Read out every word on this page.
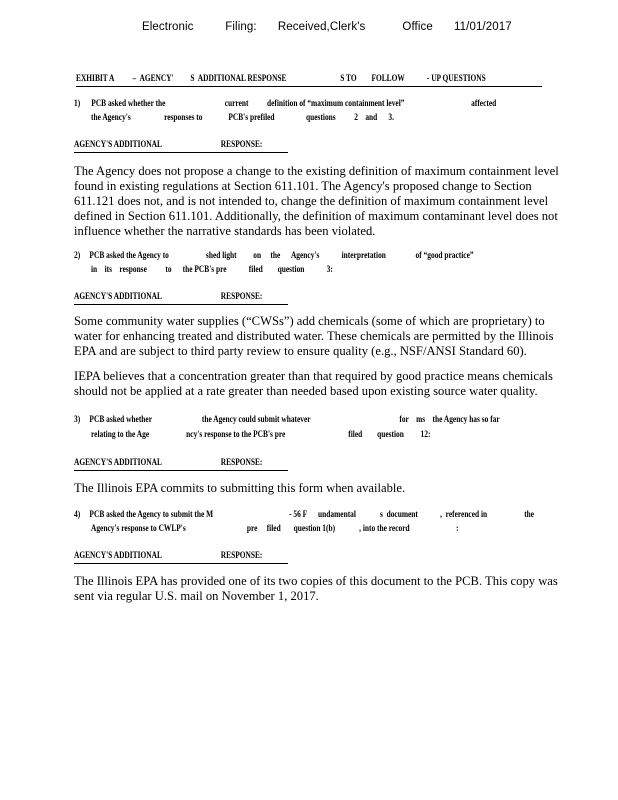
Electronic      Filing:    Received,Clerk's       Office    11/01/2017
EXHIBIT A          –  AGENCY'         S  ADDITIONAL RESPONSE                             S TO        FOLLOW            - UP QUESTIONS
1)      PCB asked whether the                                current          definition of “maximum containment level”                                    affected
the Agency's                  responses to              PCB's prefiled                 questions          2    and      3.
AGENCY'S ADDITIONAL                                RESPONSE:
The Agency does not propose a change to the existing definition of maximum containment level
found in existing regulations at Section 611.101. The Agency's proposed change to Section
611.121 does not, and is not intended to, change the definition of maximum containment level
defined in Section 611.101. Additionally, the definition of maximum contaminant level does not
influence whether the narrative standards has been violated.
2)     PCB asked the Agency to                    shed light         on     the      Agency's            interpretation                of “good practice”
in    its    response          to      the PCB's pre            filed        question            3:
AGENCY'S ADDITIONAL                                RESPONSE:
Some community water supplies (“CWSs”) add chemicals (some of which are proprietary) to
water for enhancing treated and distributed water. These chemicals are permitted by the Illinois
EPA and are subject to third party review to ensure quality (e.g., NSF/ANSI Standard 60).
IEPA believes that a concentration greater than that required by good practice means chemicals
should not be applied at a rate greater than needed based upon existing source water quality.
3)     PCB asked whether                           the Agency could submit whatever                                                for    ms    the Agency has so far
relating to the Age                    ncy's response to the PCB's pre                                  filed        question         12:
AGENCY'S ADDITIONAL                                RESPONSE:
The Illinois EPA commits to submitting this form when available.
4)     PCB asked the Agency to submit the M                                         - 56 F      undamental             s  document            ,  referenced in                    the
Agency's response to CWLP's                                 pre     filed       question 1(b)             , into the record                         :
AGENCY'S ADDITIONAL                                RESPONSE:
The Illinois EPA has provided one of its two copies of this document to the PCB. This copy was
sent via regular U.S. mail on November 1, 2017.
